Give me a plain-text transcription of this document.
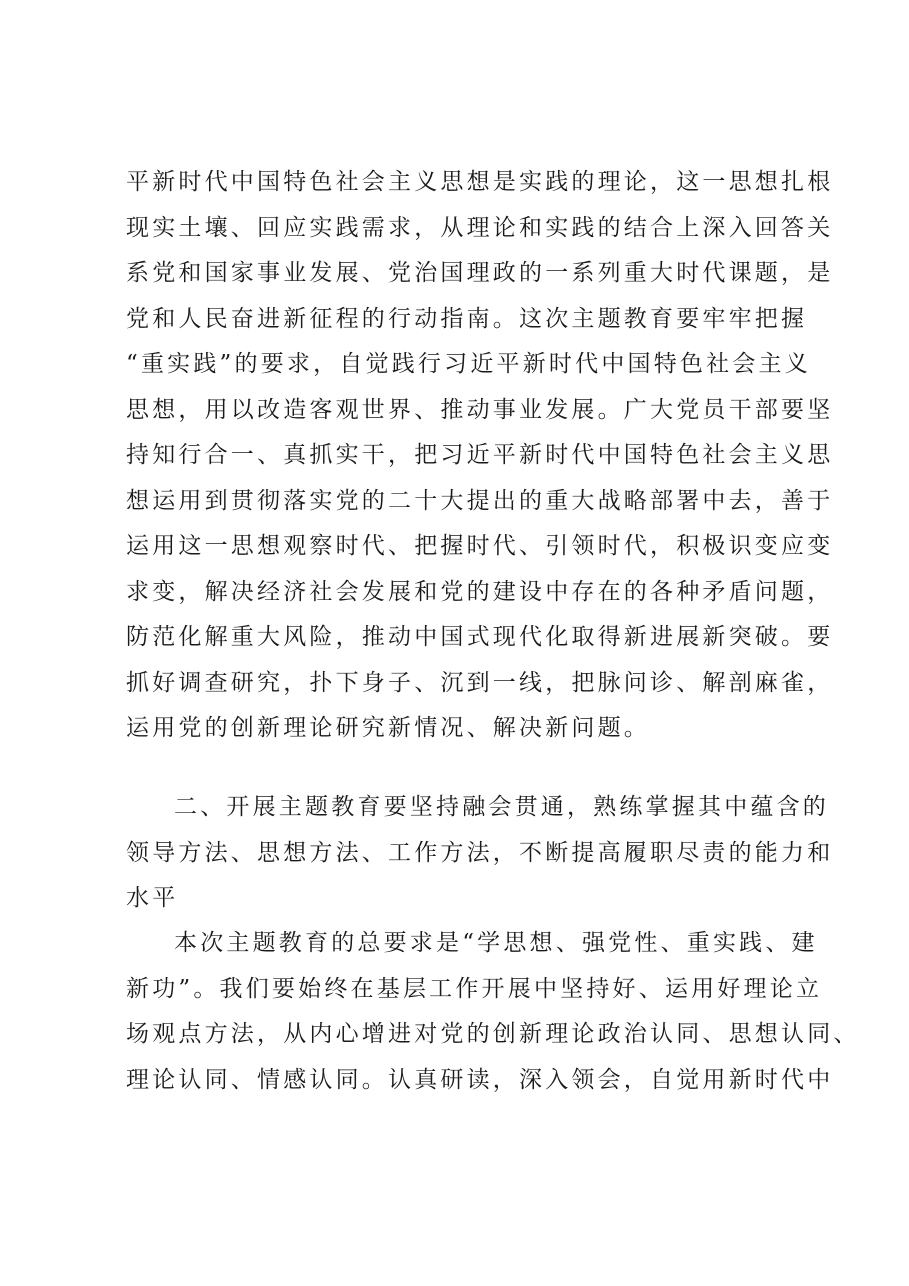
平新时代中国特色社会主义思想是实践的理论，这一思想扎根
现实土壤、回应实践需求，从理论和实践的结合上深入回答关
系党和国家事业发展、党治国理政的一系列重大时代课题，是
党和人民奋进新征程的行动指南。这次主题教育要牢牢把握
“重实践”的要求，自觉践行习近平新时代中国特色社会主义
思想，用以改造客观世界、推动事业发展。广大党员干部要坚
持知行合一、真抓实干，把习近平新时代中国特色社会主义思
想运用到贯彻落实党的二十大提出的重大战略部署中去，善于
运用这一思想观察时代、把握时代、引领时代，积极识变应变
求变，解决经济社会发展和党的建设中存在的各种矛盾问题，
防范化解重大风险，推动中国式现代化取得新进展新突破。要
抓好调查研究，扑下身子、沉到一线，把脉问诊、解剖麻雀，
运用党的创新理论研究新情况、解决新问题。
二、开展主题教育要坚持融会贯通，熟练掌握其中蕴含的
领导方法、思想方法、工作方法，不断提高履职尽责的能力和
水平
本次主题教育的总要求是“学思想、强党性、重实践、建
新功”。我们要始终在基层工作开展中坚持好、运用好理论立
场观点方法，从内心增进对党的创新理论政治认同、思想认同、
理论认同、情感认同。认真研读，深入领会，自觉用新时代中
